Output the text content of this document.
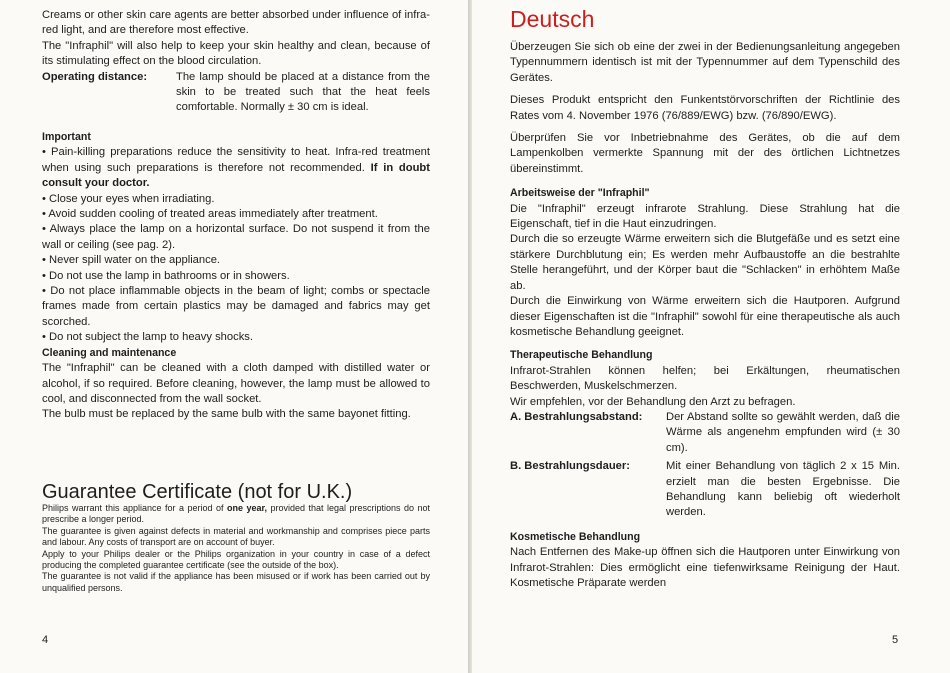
Creams or other skin care agents are better absorbed under influence of infra-red light, and are therefore most effective.

The "Infraphil" will also help to keep your skin healthy and clean, because of its stimulating effect on the blood circulation.

Operating distance:	The lamp should be placed at a distance from the skin to be treated such that the heat feels comfortable. Normally ± 30 cm is ideal.

Important

• Pain-killing preparations reduce the sensitivity to heat. Infra-red treatment when using such preparations is therefore not recommended. If in doubt consult your doctor.

• Close your eyes when irradiating.

• Avoid sudden cooling of treated areas immediately after treatment.

• Always place the lamp on a horizontal surface. Do not suspend it from the wall or ceiling (see pag. 2).

• Never spill water on the appliance.

• Do not use the lamp in bathrooms or in showers.

• Do not place inflammable objects in the beam of light; combs or spectacle frames made from certain plastics may be damaged and fabrics may get scorched.

• Do not subject the lamp to heavy shocks.

Cleaning and maintenance

The "Infraphil" can be cleaned with a cloth damped with distilled water or alcohol, if so required. Before cleaning, however, the lamp must be allowed to cool, and disconnected from the wall socket.

The bulb must be replaced by the same bulb with the same bayonet fitting.

Guarantee Certificate (not for U.K.)

Philips warrant this appliance for a period of one year, provided that legal prescriptions do not prescribe a longer period.

The guarantee is given against defects in material and workmanship and comprises piece parts and labour. Any costs of transport are on account of buyer.

Apply to your Philips dealer or the Philips organization in your country in case of a defect producing the completed guarantee certificate (see the outside of the box).

The guarantee is not valid if the appliance has been misused or if work has been carried out by unqualified persons.

4
Deutsch

Überzeugen Sie sich ob eine der zwei in der Bedienungsanleitung angegeben Typennummern identisch ist mit der Typennummer auf dem Typenschild des Gerätes.

Dieses Produkt entspricht den Funkentstörvorschriften der Richtlinie des Rates vom 4. November 1976 (76/889/EWG) bzw. (76/890/EWG).

Überprüfen Sie vor Inbetriebnahme des Gerätes, ob die auf dem Lampenkolben vermerkte Spannung mit der des örtlichen Lichtnetzes übereinstimmt.

Arbeitsweise der "Infraphil"

Die "Infraphil" erzeugt infrarote Strahlung. Diese Strahlung hat die Eigenschaft, tief in die Haut einzudringen.

Durch die so erzeugte Wärme erweitern sich die Blutgefäße und es setzt eine stärkere Durchblutung ein; Es werden mehr Aufbaustoffe an die bestrahlte Stelle herangeführt, und der Körper baut die "Schlacken" in erhöhtem Maße ab.

Durch die Einwirkung von Wärme erweitern sich die Hautporen. Aufgrund dieser Eigenschaften ist die "Infraphil" sowohl für eine therapeutische als auch kosmetische Behandlung geeignet.

Therapeutische Behandlung

Infrarot-Strahlen können helfen; bei Erkältungen, rheumatischen Beschwerden, Muskelschmerzen.

Wir empfehlen, vor der Behandlung den Arzt zu befragen.

A. Bestrahlungsabstand:	Der Abstand sollte so gewählt werden, daß die Wärme als angenehm empfunden wird (± 30 cm).
B. Bestrahlungsdauer:	Mit einer Behandlung von täglich 2 x 15 Min. erzielt man die besten Ergebnisse. Die Behandlung kann beliebig oft wiederholt werden.

Kosmetische Behandlung

Nach Entfernen des Make-up öffnen sich die Hautporen unter Einwirkung von Infrarot-Strahlen: Dies ermöglicht eine tiefenwirksame Reinigung der Haut. Kosmetische Präparate werden

5
